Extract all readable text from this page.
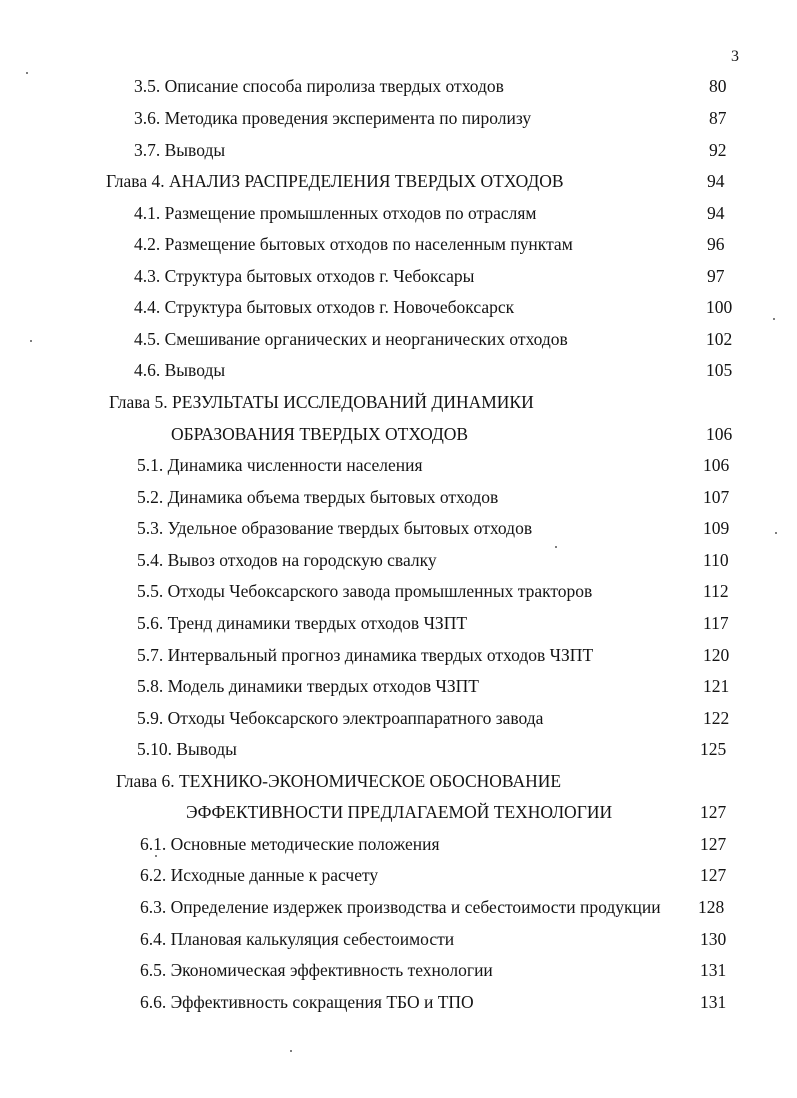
3
3.5. Описание способа пиролиза твердых отходов	80
3.6. Методика проведения эксперимента по пиролизу	87
3.7. Выводы	92
Глава 4. АНАЛИЗ РАСПРЕДЕЛЕНИЯ ТВЕРДЫХ ОТХОДОВ	94
4.1. Размещение промышленных отходов по отраслям	94
4.2. Размещение бытовых отходов по населенным пунктам	96
4.3. Структура бытовых отходов г. Чебоксары	97
4.4. Структура бытовых отходов г. Новочебоксарск	100
4.5. Смешивание органических и неорганических отходов	102
4.6. Выводы	105
Глава 5. РЕЗУЛЬТАТЫ ИССЛЕДОВАНИЙ ДИНАМИКИ
ОБРАЗОВАНИЯ ТВЕРДЫХ ОТХОДОВ	106
5.1. Динамика численности населения	106
5.2. Динамика объема твердых бытовых отходов	107
5.3. Удельное образование твердых бытовых отходов	109
5.4. Вывоз отходов на городскую свалку	110
5.5. Отходы Чебоксарского завода промышленных тракторов	112
5.6. Тренд динамики твердых отходов ЧЗПТ	117
5.7. Интервальный прогноз динамика твердых отходов ЧЗПТ	120
5.8. Модель динамики твердых отходов ЧЗПТ	121
5.9. Отходы Чебоксарского электроаппаратного завода	122
5.10. Выводы	125
Глава 6. ТЕХНИКО-ЭКОНОМИЧЕСКОЕ ОБОСНОВАНИЕ
ЭФФЕКТИВНОСТИ ПРЕДЛАГАЕМОЙ ТЕХНОЛОГИИ	127
6.1. Основные методические положения	127
6.2. Исходные данные к расчету	127
6.3. Определение издержек производства и себестоимости продукции 128
6.4. Плановая калькуляция себестоимости	130
6.5. Экономическая эффективность технологии	131
6.6. Эффективность сокращения ТБО и ТПО	131
